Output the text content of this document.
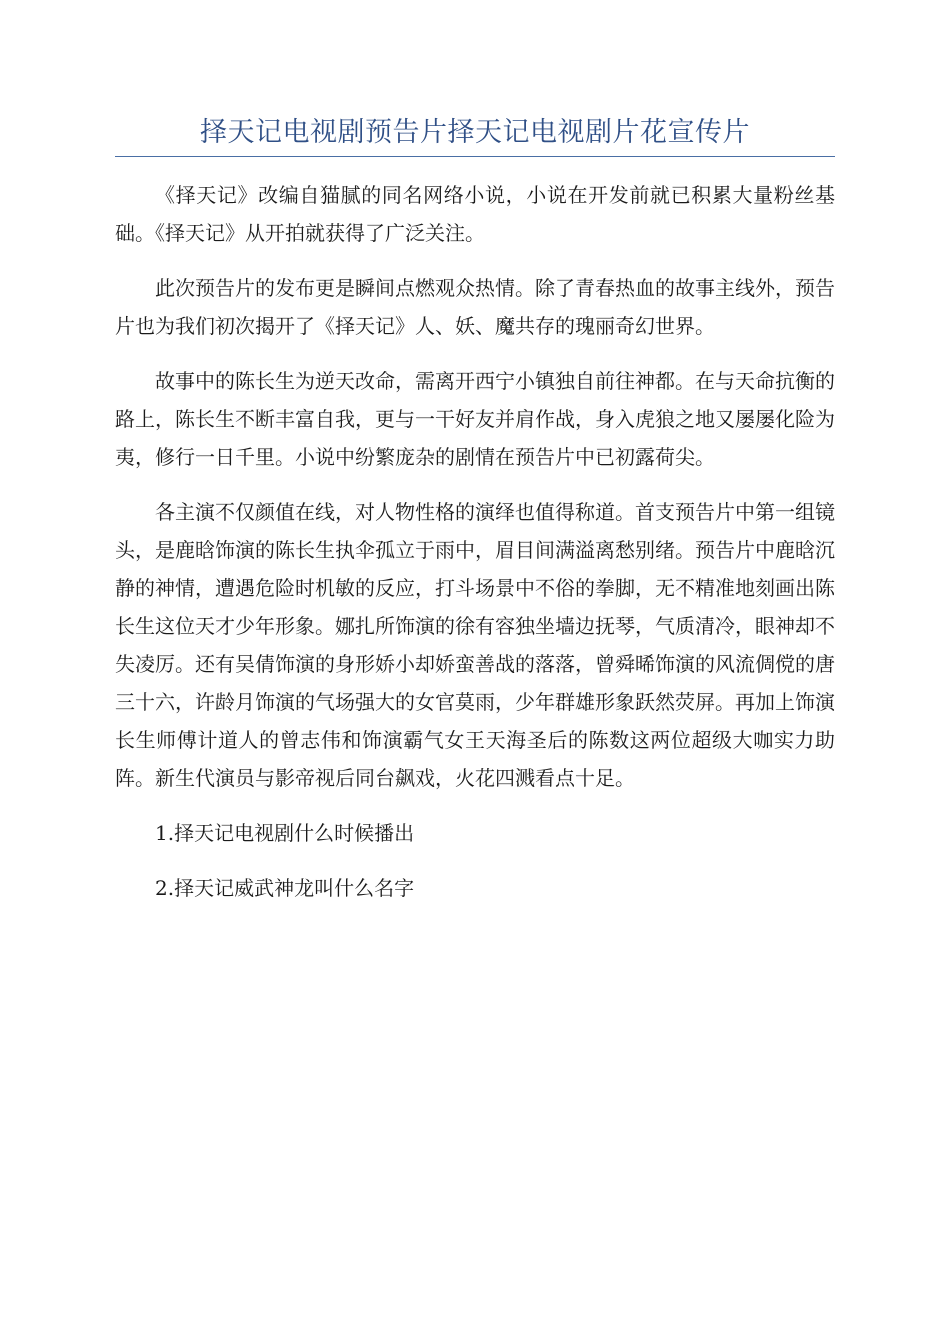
择天记电视剧预告片择天记电视剧片花宣传片

《择天记》改编自猫腻的同名网络小说，小说在开发前就已积累大量粉丝基础。《择天记》从开拍就获得了广泛关注。

此次预告片的发布更是瞬间点燃观众热情。除了青春热血的故事主线外，预告片也为我们初次揭开了《择天记》人、妖、魔共存的瑰丽奇幻世界。

故事中的陈长生为逆天改命，需离开西宁小镇独自前往神都。在与天命抗衡的路上，陈长生不断丰富自我，更与一干好友并肩作战，身入虎狼之地又屡屡化险为夷，修行一日千里。小说中纷繁庞杂的剧情在预告片中已初露荷尖。

各主演不仅颜值在线，对人物性格的演绎也值得称道。首支预告片中第一组镜头，是鹿晗饰演的陈长生执伞孤立于雨中，眉目间满溢离愁别绪。预告片中鹿晗沉静的神情，遭遇危险时机敏的反应，打斗场景中不俗的拳脚，无不精准地刻画出陈长生这位天才少年形象。娜扎所饰演的徐有容独坐墙边抚琴，气质清冷，眼神却不失凌厉。还有吴倩饰演的身形娇小却娇蛮善战的落落，曾舜晞饰演的风流倜傥的唐三十六，许龄月饰演的气场强大的女官莫雨，少年群雄形象跃然荧屏。再加上饰演长生师傅计道人的曾志伟和饰演霸气女王天海圣后的陈数这两位超级大咖实力助阵。新生代演员与影帝视后同台飙戏，火花四溅看点十足。

1.择天记电视剧什么时候播出

2.择天记威武神龙叫什么名字
